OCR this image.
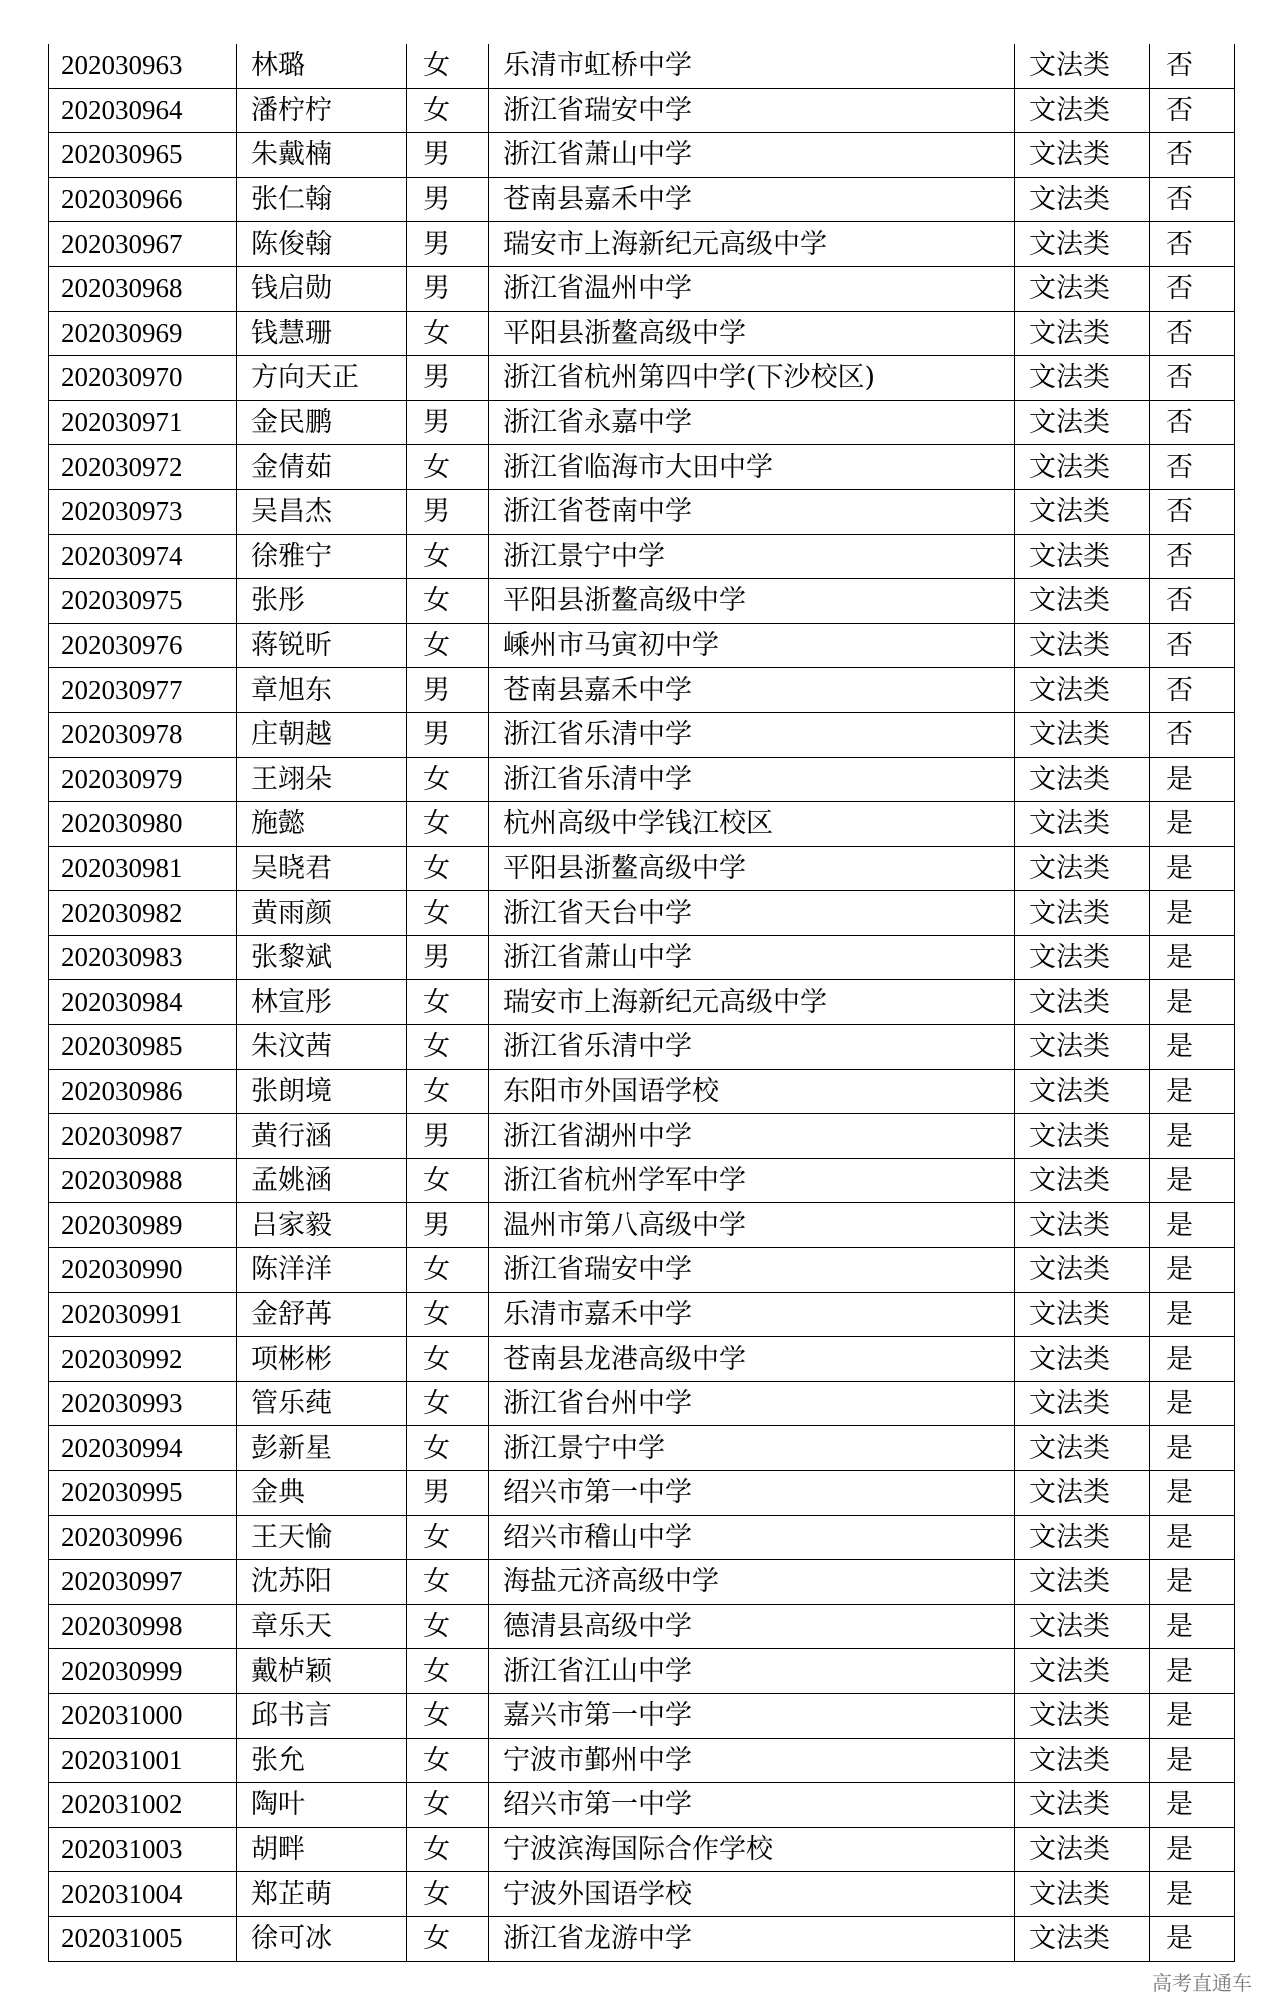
202030963	林璐	女	乐清市虹桥中学	文法类	否
202030964	潘柠柠	女	浙江省瑞安中学	文法类	否
202030965	朱戴楠	男	浙江省萧山中学	文法类	否
202030966	张仁翰	男	苍南县嘉禾中学	文法类	否
202030967	陈俊翰	男	瑞安市上海新纪元高级中学	文法类	否
202030968	钱启勋	男	浙江省温州中学	文法类	否
202030969	钱慧珊	女	平阳县浙鳌高级中学	文法类	否
202030970	方向天正	男	浙江省杭州第四中学(下沙校区)	文法类	否
202030971	金民鹏	男	浙江省永嘉中学	文法类	否
202030972	金倩茹	女	浙江省临海市大田中学	文法类	否
202030973	吴昌杰	男	浙江省苍南中学	文法类	否
202030974	徐雅宁	女	浙江景宁中学	文法类	否
202030975	张彤	女	平阳县浙鳌高级中学	文法类	否
202030976	蒋锐昕	女	嵊州市马寅初中学	文法类	否
202030977	章旭东	男	苍南县嘉禾中学	文法类	否
202030978	庄朝越	男	浙江省乐清中学	文法类	否
202030979	王翊朵	女	浙江省乐清中学	文法类	是
202030980	施懿	女	杭州高级中学钱江校区	文法类	是
202030981	吴晓君	女	平阳县浙鳌高级中学	文法类	是
202030982	黄雨颜	女	浙江省天台中学	文法类	是
202030983	张黎斌	男	浙江省萧山中学	文法类	是
202030984	林宣彤	女	瑞安市上海新纪元高级中学	文法类	是
202030985	朱汶茜	女	浙江省乐清中学	文法类	是
202030986	张朗境	女	东阳市外国语学校	文法类	是
202030987	黄行涵	男	浙江省湖州中学	文法类	是
202030988	孟姚涵	女	浙江省杭州学军中学	文法类	是
202030989	吕家毅	男	温州市第八高级中学	文法类	是
202030990	陈洋洋	女	浙江省瑞安中学	文法类	是
202030991	金舒苒	女	乐清市嘉禾中学	文法类	是
202030992	项彬彬	女	苍南县龙港高级中学	文法类	是
202030993	管乐莼	女	浙江省台州中学	文法类	是
202030994	彭新星	女	浙江景宁中学	文法类	是
202030995	金典	男	绍兴市第一中学	文法类	是
202030996	王天愉	女	绍兴市稽山中学	文法类	是
202030997	沈苏阳	女	海盐元济高级中学	文法类	是
202030998	章乐天	女	德清县高级中学	文法类	是
202030999	戴栌颖	女	浙江省江山中学	文法类	是
202031000	邱书言	女	嘉兴市第一中学	文法类	是
202031001	张允	女	宁波市鄞州中学	文法类	是
202031002	陶叶	女	绍兴市第一中学	文法类	是
202031003	胡畔	女	宁波滨海国际合作学校	文法类	是
202031004	郑芷萌	女	宁波外国语学校	文法类	是
202031005	徐可冰	女	浙江省龙游中学	文法类	是
高考直通车
